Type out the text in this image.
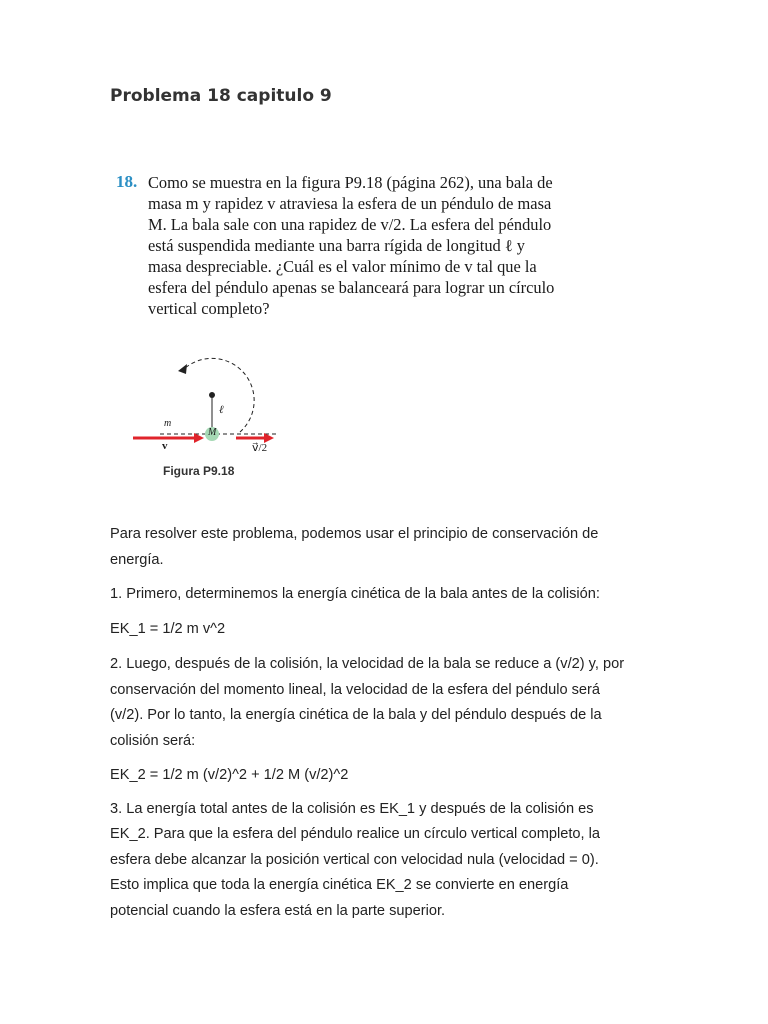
Problema 18 capitulo 9
18. Como se muestra en la figura P9.18 (página 262), una bala de

masa m y rapidez v atraviesa la esfera de un péndulo de masa

M. La bala sale con una rapidez de v/2. La esfera del péndulo

está suspendida mediante una barra rígida de longitud ℓ y

masa despreciable. ¿Cuál es el valor mínimo de v tal que la

esfera del péndulo apenas se balanceará para lograr un círculo

vertical completo?

m
v⃗
M
ℓ
v⃗/2
Figura P9.18

Para resolver este problema, podemos usar el principio de conservación de

energía.

1. Primero, determinemos la energía cinética de la bala antes de la colisión:

EK_1 = 1/2 m v^2

2. Luego, después de la colisión, la velocidad de la bala se reduce a (v/2) y, por

conservación del momento lineal, la velocidad de la esfera del péndulo será

(v/2). Por lo tanto, la energía cinética de la bala y del péndulo después de la

colisión será:

EK_2 = 1/2 m (v/2)^2 + 1/2 M (v/2)^2

3. La energía total antes de la colisión es EK_1 y después de la colisión es

EK_2. Para que la esfera del péndulo realice un círculo vertical completo, la

esfera debe alcanzar la posición vertical con velocidad nula (velocidad = 0).

Esto implica que toda la energía cinética EK_2 se convierte en energía

potencial cuando la esfera está en la parte superior.
